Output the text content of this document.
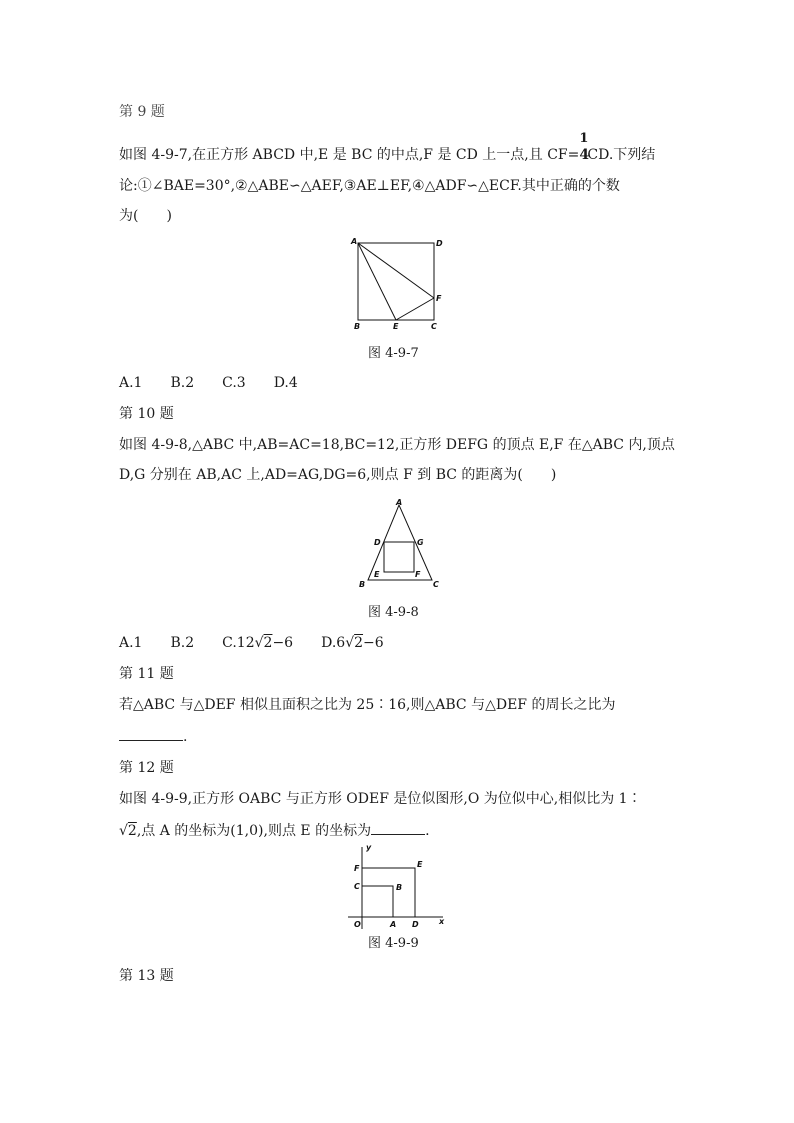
第 9 题
如图 4-9-7,在正方形 ABCD 中,E 是 BC 的中点,F 是 CD 上一点,且 CF=
1
4CD.下列结
论:①∠BAE=30°,②△ABE∽△AEF,③AE⊥EF,④△ADF∽△ECF.其中正确的个数
为(　　)
A	D
F
B	E	C
图 4-9-7
A.1 B.2 C.3 D.4
第 10 题
如图 4-9-8,△ABC 中,AB=AC=18,BC=12,正方形 DEFG 的顶点 E,F 在△ABC 内,顶点
D,G 分别在 AB,AC 上,AD=AG,DG=6,则点 F 到 BC 的距离为(　　)
A
D	G
E	F
B	C
图 4-9-8
A.1 B.2 C.12√2−6 D.6√2−6
第 11 题
若△ABC 与△DEF 相似且面积之比为 25∶16,则△ABC 与△DEF 的周长之比为
.
第 12 题
如图 4-9-9,正方形 OABC 与正方形 ODEF 是位似图形,O 为位似中心,相似比为 1∶
√2,点 A 的坐标为(1,0),则点 E 的坐标为	.
y
x
F	E
C	B
O	A D
图 4-9-9
第 13 题
